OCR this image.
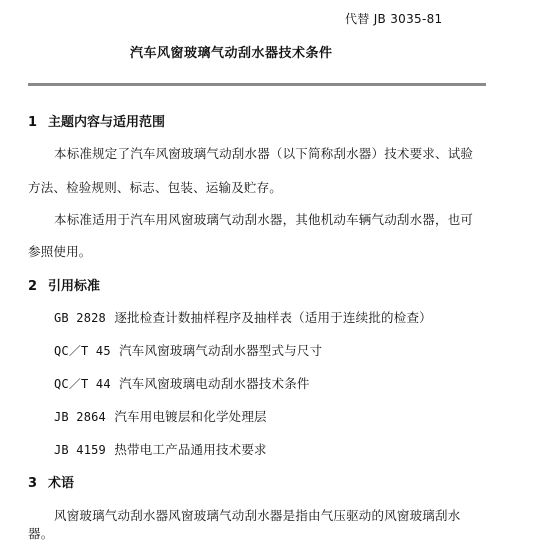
代替 JB 3035-81
汽车风窗玻璃气动刮水器技术条件
1 主题内容与适用范围
本标准规定了汽车风窗玻璃气动刮水器（以下简称刮水器）技术要求、试验
方法、检验规则、标志、包装、运输及贮存。
本标准适用于汽车用风窗玻璃气动刮水器，其他机动车辆气动刮水器，也可
参照使用。
2 引用标准
GB 2828 逐批检查计数抽样程序及抽样表（适用于连续批的检查）
QC／T 45 汽车风窗玻璃气动刮水器型式与尺寸
QC／T 44 汽车风窗玻璃电动刮水器技术条件
JB 2864 汽车用电镀层和化学处理层
JB 4159 热带电工产品通用技术要求
3 术语
风窗玻璃气动刮水器风窗玻璃气动刮水器是指由气压驱动的风窗玻璃刮水
器。
